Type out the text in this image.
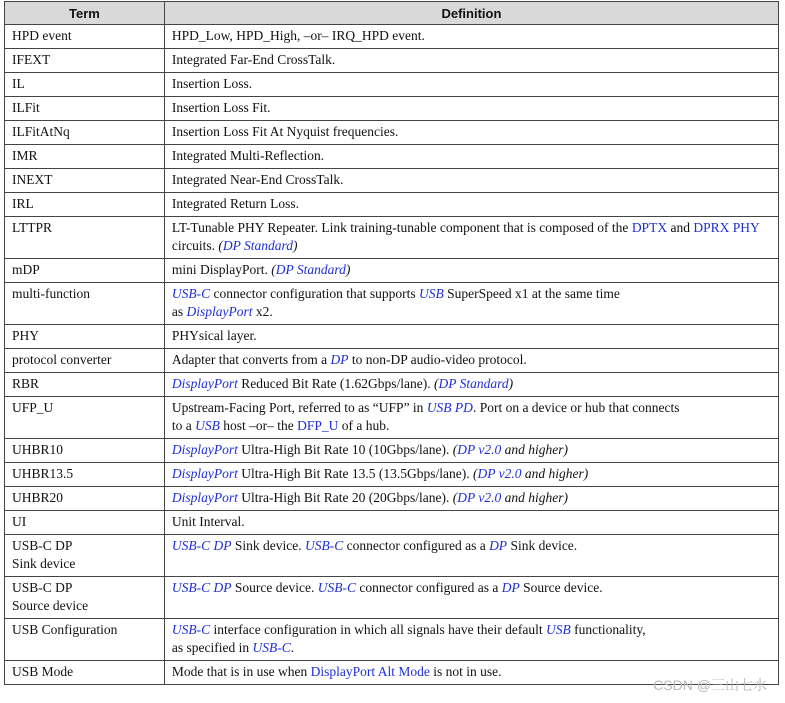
Term	Definition

HPD event	HPD_Low, HPD_High, –or– IRQ_HPD event.

IFEXT	Integrated Far-End CrossTalk.

IL	Insertion Loss.

ILFit	Insertion Loss Fit.

ILFitAtNq	Insertion Loss Fit At Nyquist frequencies.

IMR	Integrated Multi-Reflection.

INEXT	Integrated Near-End CrossTalk.

IRL	Integrated Return Loss.

LTTPR	LT-Tunable PHY Repeater. Link training-tunable component that is composed of the DPTX and DPRX PHY circuits. (DP Standard)

mDP	mini DisplayPort. (DP Standard)

multi-function	USB-C connector configuration that supports USB SuperSpeed x1 at the same time
as DisplayPort x2.

PHY	PHYsical layer.

protocol converter	Adapter that converts from a DP to non-DP audio-video protocol.

RBR	DisplayPort Reduced Bit Rate (1.62Gbps/lane). (DP Standard)

UFP_U	Upstream-Facing Port, referred to as “UFP” in USB PD. Port on a device or hub that connects
to a USB host –or– the DFP_U of a hub.

UHBR10	DisplayPort Ultra-High Bit Rate 10 (10Gbps/lane). (DP v2.0 and higher)

UHBR13.5	DisplayPort Ultra-High Bit Rate 13.5 (13.5Gbps/lane). (DP v2.0 and higher)

UHBR20	DisplayPort Ultra-High Bit Rate 20 (20Gbps/lane). (DP v2.0 and higher)

UI	Unit Interval.

USB-C DP
Sink device	USB-C DP Sink device. USB-C connector configured as a DP Sink device.

USB-C DP
Source device	USB-C DP Source device. USB-C connector configured as a DP Source device.

USB Configuration	USB-C interface configuration in which all signals have their default USB functionality,
as specified in USB-C.

USB Mode	Mode that is in use when DisplayPort Alt Mode is not in use.
CSDN @三山七水
